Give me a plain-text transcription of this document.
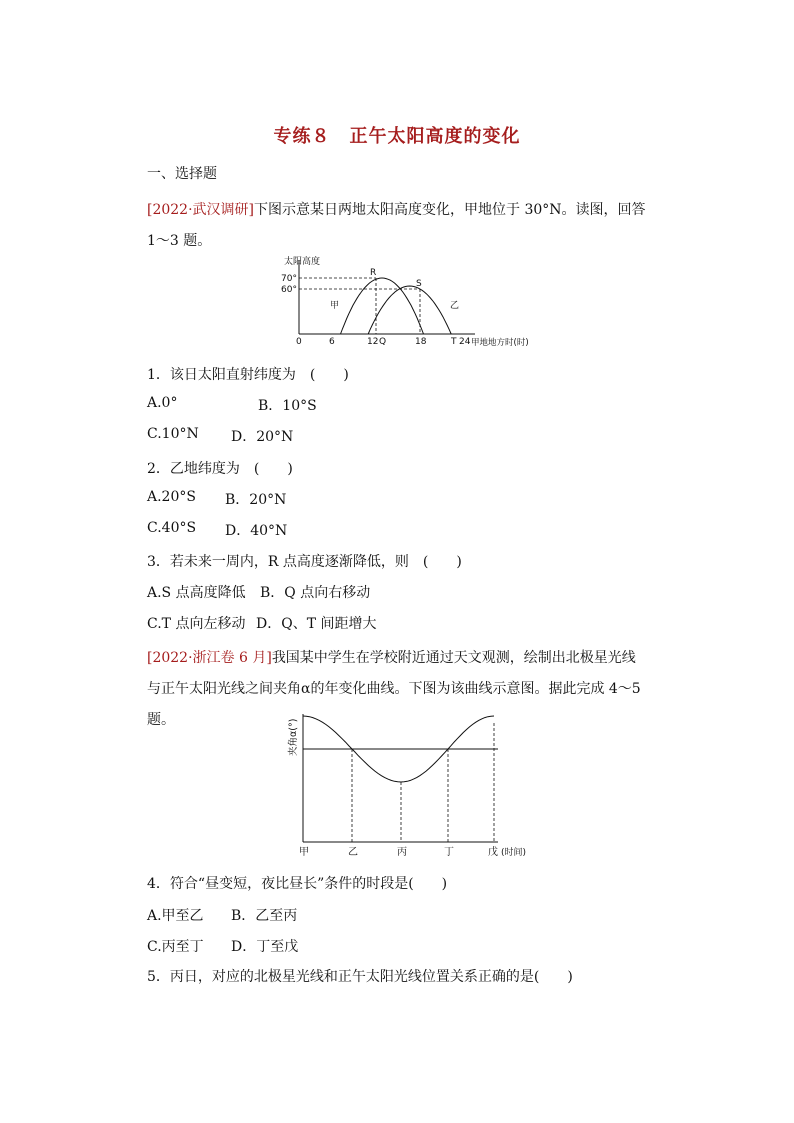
专练８　正午太阳高度的变化
一、选择题
[2022·武汉调研]下图示意某日两地太阳高度变化，甲地位于 30°N。读图，回答 1～3 题。
太阳高度
70°
60°
0	6	12 Q	18	T 24 甲地地方时(时)
R
S
甲	乙
1．该日太阳直射纬度为　(　　)
A.0°	B．10°S
C.10°N D．20°N
2．乙地纬度为　(　　)
A.20°S B．20°N
C.40°S D．40°N
3．若未来一周内，R 点高度逐渐降低，则　(　　)
A.S 点高度降低 B．Q 点向右移动
C.T 点向左移动 D．Q、T 间距增大
[2022·浙江卷 6 月]我国某中学生在学校附近通过天文观测，绘制出北极星光线与正午太阳光线之间夹角α的年变化曲线。下图为该曲线示意图。据此完成 4～5 题。	夹角α(°)
甲	乙	丙	丁	戊 (时间)
4．符合“昼变短，夜比昼长”条件的时段是(　　)
A.甲至乙 B．乙至丙
C.丙至丁 D．丁至戊
5．丙日，对应的北极星光线和正午太阳光线位置关系正确的是(　　)
